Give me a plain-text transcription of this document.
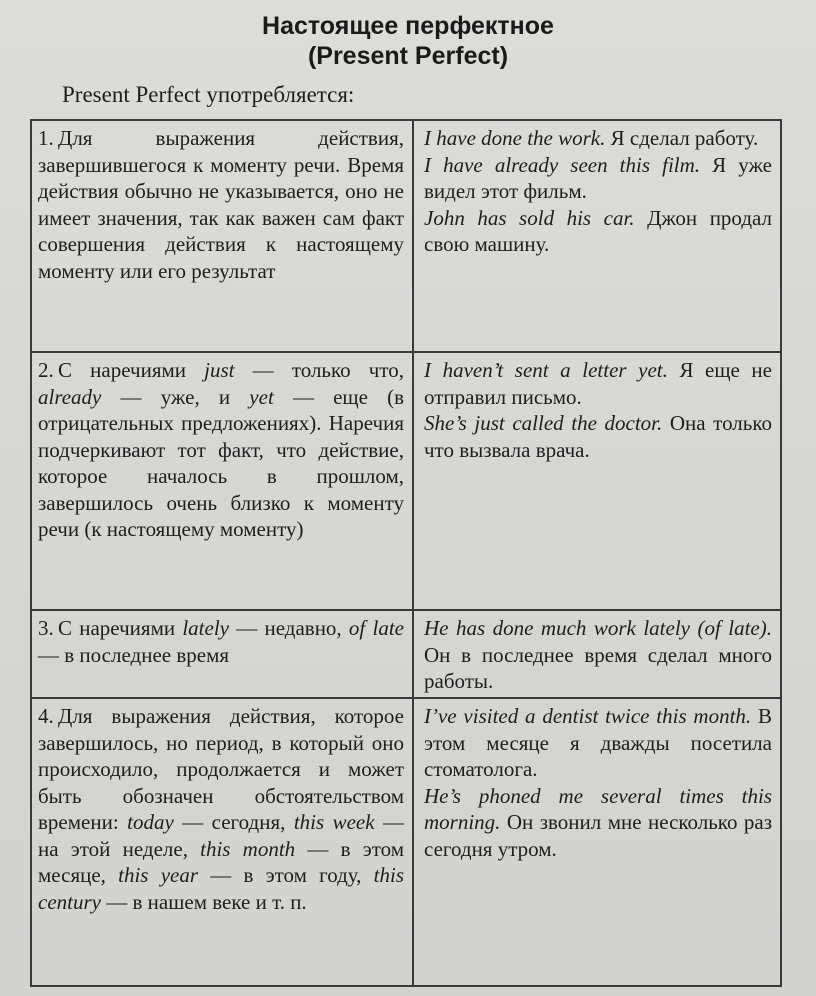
Настоящее перфектное
(Present Perfect)
Present Perfect употребляется:
1. Для выражения действия, завершившегося к моменту речи. Время действия обычно не указывается, оно не имеет значения, так как важен сам факт совершения действия к настоящему моменту или его результат
I have done the work. Я сделал работу.
I have already seen this film. Я уже видел этот фильм.
John has sold his car. Джон продал свою машину.
2. С наречиями just — только что, already — уже, и yet — еще (в отрицательных предложениях). Наречия подчеркивают тот факт, что действие, которое началось в прошлом, завершилось очень близко к моменту речи (к настоящему моменту)
I haven’t sent a letter yet. Я еще не отправил письмо.
She’s just called the doctor. Она только что вызвала врача.
3. С наречиями lately — недавно, of late — в последнее время
He has done much work lately (of late). Он в последнее время сделал много работы.
4. Для выражения действия, которое завершилось, но период, в который оно происходило, продолжается и может быть обозначен обстоятельством времени: today — сегодня, this week — на этой неделе, this month — в этом месяце, this year — в этом году, this century — в нашем веке и т. п.
I’ve visited a dentist twice this month. В этом месяце я дважды посетила стоматолога.
He’s phoned me several times this morning. Он звонил мне несколько раз сегодня утром.
